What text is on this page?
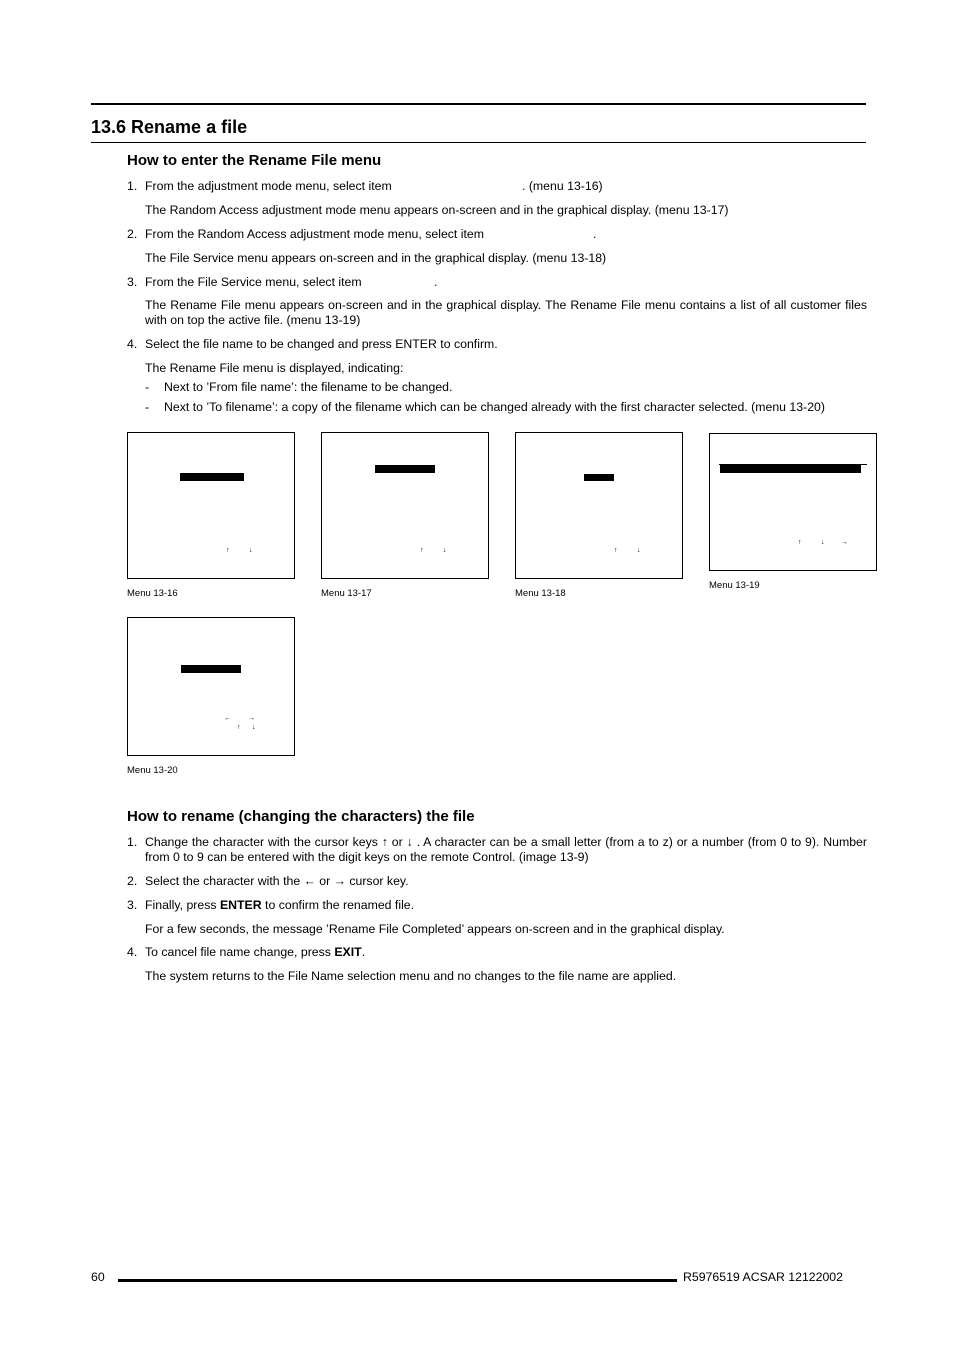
13.6 Rename a file
How to enter the Rename File menu
1. From the adjustment mode menu, select item	. (menu 13-16)
The Random Access adjustment mode menu appears on-screen and in the graphical display. (menu 13-17)
2. From the Random Access adjustment mode menu, select item	.
The File Service menu appears on-screen and in the graphical display. (menu 13-18)
3. From the File Service menu, select item	.
The Rename File menu appears on-screen and in the graphical display. The Rename File menu contains a list of all customer files with on top the active file. (menu 13-19)
4. Select the file name to be changed and press ENTER to confirm.
The Rename File menu is displayed, indicating:
- Next to ’From file name’: the filename to be changed.
- Next to ’To filename’: a copy of the filename which can be changed already with the first character selected. (menu 13-20)
↑	↓
Menu 13-16
↑	↓
Menu 13-17
↑	↓
Menu 13-18
↑	↓ →
Menu 13-19
← →
↑ ↓
Menu 13-20
How to rename (changing the characters) the file
1. Change the character with the cursor keys ↑ or ↓ . A character can be a small letter (from a to z) or a number (from 0 to 9). Number from 0 to 9 can be entered with the digit keys on the remote Control. (image 13-9)
2. Select the character with the ← or → cursor key.
3. Finally, press ENTER to confirm the renamed file.
For a few seconds, the message ’Rename File Completed’ appears on-screen and in the graphical display.
4. To cancel file name change, press EXIT.
The system returns to the File Name selection menu and no changes to the file name are applied.
60	R5976519 ACSAR 12122002
